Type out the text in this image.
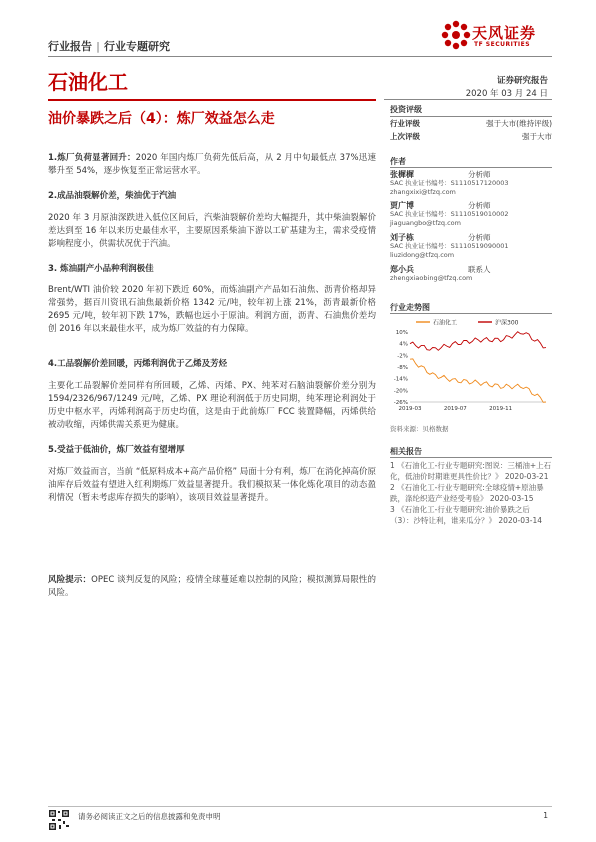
行业报告 | 行业专题研究
天风证券
TF SECURITIES
石油化工	证券研究报告
2020 年 03 月 24 日
油价暴跌之后（4）：炼厂效益怎么走

1.炼厂负荷显著回升：2020 年国内炼厂负荷先低后高，从 2 月中旬最低点 37%迅速攀升至 54%，逐步恢复至正常运营水平。

2.成品油裂解价差，柴油优于汽油

2020 年 3 月原油深跌进入低位区间后，汽柴油裂解价差均大幅提升，其中柴油裂解价差达到至 16 年以来历史最佳水平，主要原因系柴油下游以工矿基建为主，需求受疫情影响程度小，供需状况优于汽油。

3. 炼油副产小品种利润极佳

Brent/WTI 油价较 2020 年初下跌近 60%，而炼油副产产品如石油焦、沥青价格却异常强势，据百川资讯石油焦最新价格 1342 元/吨，较年初上涨 21%，沥青最新价格 2695 元/吨，较年初下跌 17%，跌幅也远小于原油。利润方面，沥青、石油焦价差均创 2016 年以来最佳水平，成为炼厂效益的有力保障。

4.工品裂解价差回暖，丙烯利润优于乙烯及芳烃

主要化工品裂解价差同样有所回暖，乙烯、丙烯、PX、纯苯对石脑油裂解价差分别为 1594/2326/967/1249 元/吨，乙烯、PX 理论利润低于历史同期，纯苯理论利润处于历史中枢水平，丙烯利润高于历史均值，这是由于此前炼厂 FCC 装置降幅，丙烯供给被动收缩，丙烯供需关系更为健康。

5.受益于低油价，炼厂效益有望增厚

对炼厂效益而言，当前 “低原料成本+高产品价格” 局面十分有利，炼厂在消化掉高价原油库存后效益有望进入红利期炼厂效益显著提升。我们模拟某一体化炼化项目的动态盈利情况（暂未考虑库存损失的影响），该项目效益显著提升。

风险提示：OPEC 谈判反复的风险；疫情全球蔓延难以控制的风险；模拟测算局限性的风险。

投资评级
行业评级	强于大市(维持评级)
上次评级	强于大市
作者
张樨樨	分析师
SAC 执业证书编号：S1110517120003
zhangxixi@tfzq.com
贾广博	分析师
SAC 执业证书编号：S1110519010002
jiaguangbo@tfzq.com
刘子栋	分析师
SAC 执业证书编号：S1110519090001
liuzidong@tfzq.com
郑小兵	联系人
zhengxiaobing@tfzq.com
行业走势图
石油化工	沪深300
10%
4%
-2%
-8%
-14%
-20%
-26%
2019-03	2019-07	2019-11
资料来源：贝格数据
相关报告
1 《石油化工-行业专题研究:图说：三桶油+上石化，低油价时期谁更具性价比？》 2020-03-21
2 《石油化工-行业专题研究:全球疫情+原油暴跌，涤纶织造产业经受考验》 2020-03-15
3 《石油化工-行业专题研究:油价暴跌之后（3）：沙特让利，谁来瓜分？》 2020-03-14
请务必阅读正文之后的信息披露和免责申明	1
